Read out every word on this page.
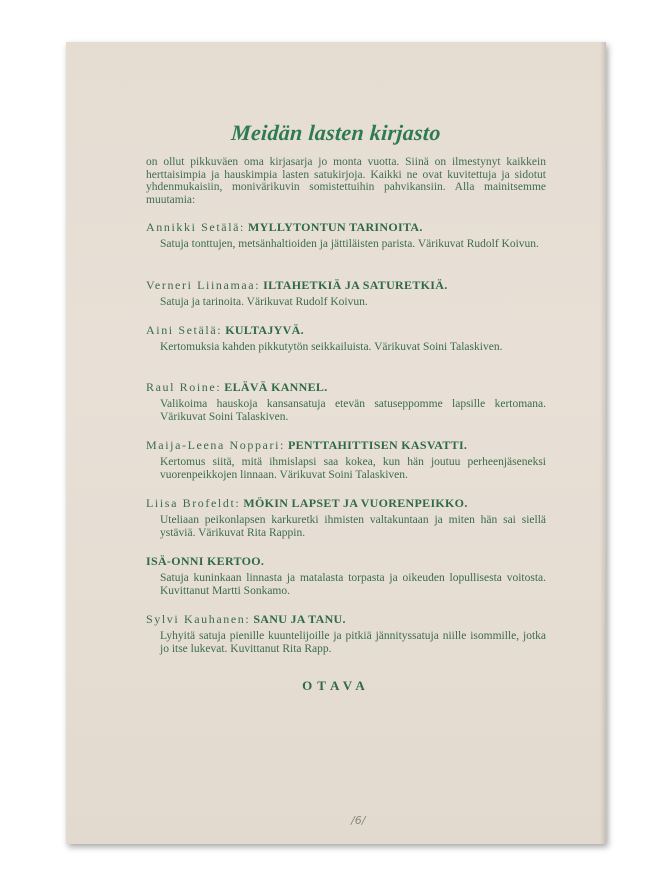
Meidän lasten kirjasto
on ollut pikkuväen oma kirjasarja jo monta vuotta. Siinä on ilmestynyt kaikkein herttaisimpia ja hauskimpia lasten satukirjoja. Kaikki ne ovat kuvitettuja ja sidotut yhdenmukaisiin, monivärikuvin somistettuihin pahvikansiin. Alla mainitsemme muutamia:
Annikki Setälä: MYLLYTONTUN TARINOITA.
Satuja tonttujen, metsänhaltioiden ja jättiläisten parista. Värikuvat Rudolf Koivun.
Verneri Liinamaa: ILTAHETKIÄ JA SATURETKIÄ.
Satuja ja tarinoita. Värikuvat Rudolf Koivun.
Aini Setälä: KULTAJYVÄ.
Kertomuksia kahden pikkutytön seikkailuista. Värikuvat Soini Talaskiven.
Raul Roine: ELÄVÄ KANNEL.
Valikoima hauskoja kansansatuja etevän satuseppomme lapsille kertomana. Värikuvat Soini Talaskiven.
Maija-Leena Noppari: PENTTAHITTISEN KASVATTI.
Kertomus siitä, mitä ihmislapsi saa kokea, kun hän joutuu perheenjäseneksi vuorenpeikkojen linnaan. Värikuvat Soini Talaskiven.
Liisa Brofeldt: MÖKIN LAPSET JA VUORENPEIKKO.
Uteliaan peikonlapsen karkuretki ihmisten valtakuntaan ja miten hän sai siellä ystäviä. Värikuvat Rita Rappin.
ISÄ-ONNI KERTOO.
Satuja kuninkaan linnasta ja matalasta torpasta ja oikeuden lopullisesta voitosta. Kuvittanut Martti Sonkamo.
Sylvi Kauhanen: SANU JA TANU.
Lyhyitä satuja pienille kuuntelijoille ja pitkiä jännityssatuja niille isommille, jotka jo itse lukevat. Kuvittanut Rita Rapp.
OTAVA
/6/
